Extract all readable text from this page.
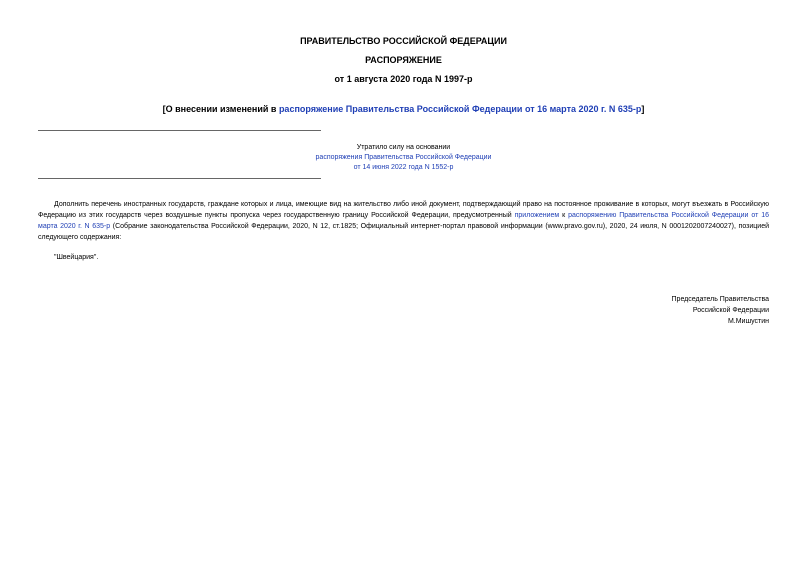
ПРАВИТЕЛЬСТВО РОССИЙСКОЙ ФЕДЕРАЦИИ
РАСПОРЯЖЕНИЕ
от 1 августа 2020 года N 1997-р
[О внесении изменений в распоряжение Правительства Российской Федерации от 16 марта 2020 г. N 635-р]
Утратило силу на основании
распоряжения Правительства Российской Федерации
от 14 июня 2022 года N 1552-р
Дополнить перечень иностранных государств, граждане которых и лица, имеющие вид на жительство либо иной документ, подтверждающий право на постоянное проживание в которых, могут въезжать в Российскую Федерацию из этих государств через воздушные пункты пропуска через государственную границу Российской Федерации, предусмотренный приложением к распоряжению Правительства Российской Федерации от 16 марта 2020 г. N 635-р (Собрание законодательства Российской Федерации, 2020, N 12, ст.1825; Официальный интернет-портал правовой информации (www.pravo.gov.ru), 2020, 24 июля, N 0001202007240027), позицией следующего содержания:
"Швейцария".
Председатель Правительства
Российской Федерации
М.Мишустин
